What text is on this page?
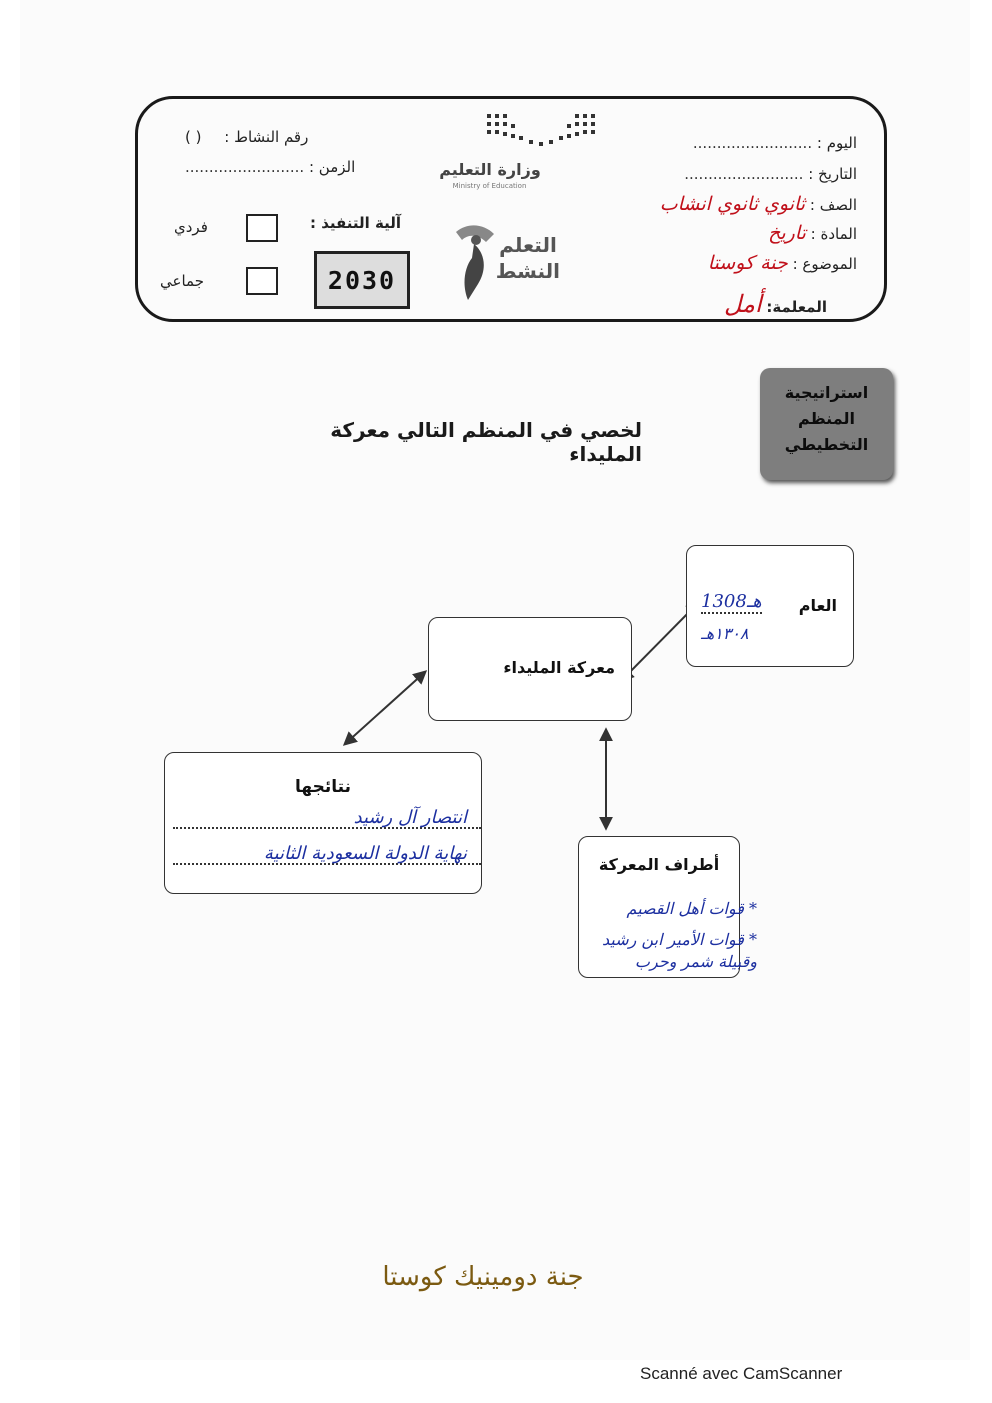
اليوم : .........................
التاريخ : .........................
الصف : ثانوي ثانوي انشاب
المادة : تاريخ
الموضوع : جنة كوستا
المعلمة: أمل
وزارة التعليم
Ministry of Education
التعلم النشط
رقم النشاط : ( )
الزمن : .........................
آلية التنفيذ :
فردي
جماعي	2030
استراتيجية المنظم التخطيطي
لخصي في المنظم التالي معركة المليداء
معركة المليداء
العام
1308هـ
١٣٠٨هـ
نتائجها
انتصار آل رشيد
نهاية الدولة السعودية الثانية
أطراف المعركة
* قوات أهل القصيم
* قوات الأمير ابن رشيد وقبيلة شمر وحرب
جنة دومينيك كوستا
Scanné avec CamScanner
